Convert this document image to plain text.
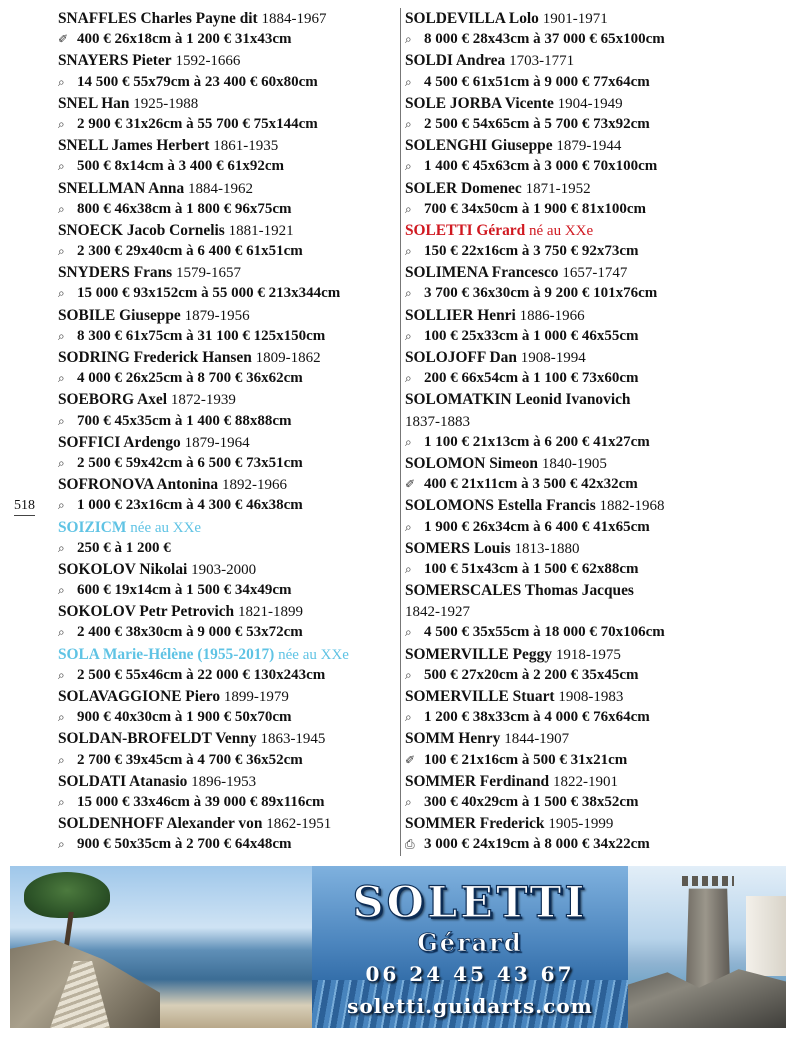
SNAFFLES Charles Payne dit 1884-1967
✐ 400 € 26x18cm à 1 200 € 31x43cm
SNAYERS Pieter 1592-1666
⌕ 14 500 € 55x79cm à 23 400 € 60x80cm
SNEL Han 1925-1988
⌕ 2 900 € 31x26cm à 55 700 € 75x144cm
SNELL James Herbert 1861-1935
⌕ 500 € 8x14cm à 3 400 € 61x92cm
SNELLMAN Anna 1884-1962
⌕ 800 € 46x38cm à 1 800 € 96x75cm
SNOECK Jacob Cornelis 1881-1921
⌕ 2 300 € 29x40cm à 6 400 € 61x51cm
SNYDERS Frans 1579-1657
⌕ 15 000 € 93x152cm à 55 000 € 213x344cm
SOBILE Giuseppe 1879-1956
⌕ 8 300 € 61x75cm à 31 100 € 125x150cm
SODRING Frederick Hansen 1809-1862
⌕ 4 000 € 26x25cm à 8 700 € 36x62cm
SOEBORG Axel 1872-1939
⌕ 700 € 45x35cm à 1 400 € 88x88cm
SOFFICI Ardengo 1879-1964
⌕ 2 500 € 59x42cm à 6 500 € 73x51cm
SOFRONOVA Antonina 1892-1966
⌕ 1 000 € 23x16cm à 4 300 € 46x38cm
SOIZICM née au XXe
⌕ 250 € à 1 200 €
SOKOLOV Nikolai 1903-2000
⌕ 600 € 19x14cm à 1 500 € 34x49cm
SOKOLOV Petr Petrovich 1821-1899
⌕ 2 400 € 38x30cm à 9 000 € 53x72cm
SOLA Marie-Hélène (1955-2017) née au XXe
⌕ 2 500 € 55x46cm à 22 000 € 130x243cm
SOLAVAGGIONE Piero 1899-1979
⌕ 900 € 40x30cm à 1 900 € 50x70cm
SOLDAN-BROFELDT Venny 1863-1945
⌕ 2 700 € 39x45cm à 4 700 € 36x52cm
SOLDATI Atanasio 1896-1953
⌕ 15 000 € 33x46cm à 39 000 € 89x116cm
SOLDENHOFF Alexander von 1862-1951
⌕ 900 € 50x35cm à 2 700 € 64x48cm
SOLDEVILLA Lolo 1901-1971
⌕ 8 000 € 28x43cm à 37 000 € 65x100cm
SOLDI Andrea 1703-1771
⌕ 4 500 € 61x51cm à 9 000 € 77x64cm
SOLE JORBA Vicente 1904-1949
⌕ 2 500 € 54x65cm à 5 700 € 73x92cm
SOLENGHI Giuseppe 1879-1944
⌕ 1 400 € 45x63cm à 3 000 € 70x100cm
SOLER Domenec 1871-1952
⌕ 700 € 34x50cm à 1 900 € 81x100cm
SOLETTI Gérard né au XXe
⌕ 150 € 22x16cm à 3 750 € 92x73cm
SOLIMENA Francesco 1657-1747
⌕ 3 700 € 36x30cm à 9 200 € 101x76cm
SOLLIER Henri 1886-1966
⌕ 100 € 25x33cm à 1 000 € 46x55cm
SOLOJOFF Dan 1908-1994
⌕ 200 € 66x54cm à 1 100 € 73x60cm
SOLOMATKIN Leonid Ivanovich
1837-1883
⌕ 1 100 € 21x13cm à 6 200 € 41x27cm
SOLOMON Simeon 1840-1905
✐ 400 € 21x11cm à 3 500 € 42x32cm
SOLOMONS Estella Francis 1882-1968
⌕ 1 900 € 26x34cm à 6 400 € 41x65cm
SOMERS Louis 1813-1880
⌕ 100 € 51x43cm à 1 500 € 62x88cm
SOMERSCALES Thomas Jacques
1842-1927
⌕ 4 500 € 35x55cm à 18 000 € 70x106cm
SOMERVILLE Peggy 1918-1975
⌕ 500 € 27x20cm à 2 200 € 35x45cm
SOMERVILLE Stuart 1908-1983
⌕ 1 200 € 38x33cm à 4 000 € 76x64cm
SOMM Henry 1844-1907
✐ 100 € 21x16cm à 500 € 31x21cm
SOMMER Ferdinand 1822-1901
⌕ 300 € 40x29cm à 1 500 € 38x52cm
SOMMER Frederick 1905-1999
⎙ 3 000 € 24x19cm à 8 000 € 34x22cm
518
SOLETTI
Gérard
06 24 45 43 67
soletti.guidarts.com
